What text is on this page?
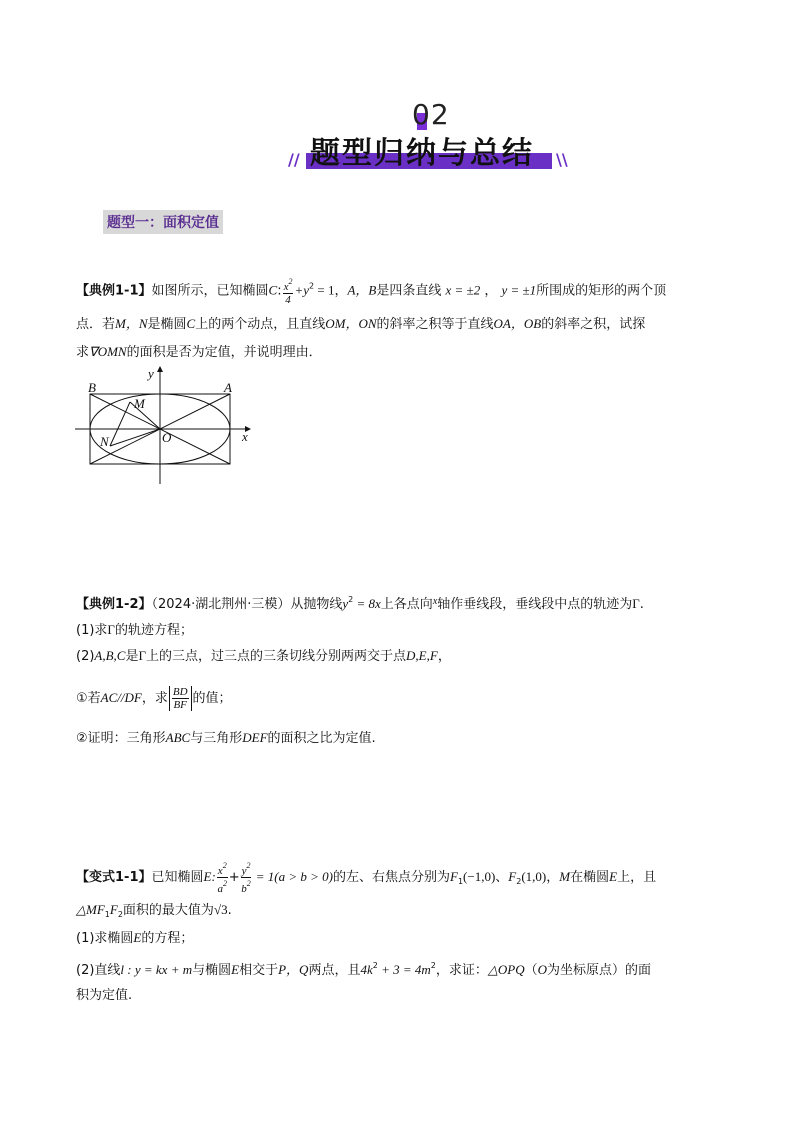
02
题型归纳与总结
//	\\
题型一：面积定值
【典例1-1】如图所示，已知椭圆C: $\frac{x^2}{4} +y^2 = 1$，A，B是四条直线 x = ±2 ， y = ±1所围成的矩形的两个顶
点．若M，N是椭圆C上的两个动点，且直线OM，ON的斜率之积等于直线OA，OB的斜率之积，试探
求∇OMN的面积是否为定值，并说明理由．
B	A
M
N	O	x
y
【典例1-2】（2024·湖北荆州·三模）从抛物线$y^2 = 8x$上各点向$^x$轴作垂线段，垂线段中点的轨迹为Γ.
(1)求Γ的轨迹方程；
(2)A,B,C是Γ上的三点，过三点的三条切线分别两两交于点D,E,F，
①若AC//DF，求 $\frac{BD}{BF}$ 的值；
②证明：三角形ABC与三角形DEF的面积之比为定值.
【变式1-1】已知椭圆E: $\frac{x^2}{a^2} + \frac{y^2}{b^2} = 1(a > b > 0)$的左、右焦点分别为$F_1(-1,0)$、$F_2(1,0)$，M在椭圆E上，且
$\triangle MF_1F_2$面积的最大值为√3.
(1)求椭圆E的方程；
(2)直线l : y = kx + m与椭圆E相交于P，Q两点，且$4k^2 + 3 = 4m^2$，求证：△OPQ（O为坐标原点）的面
积为定值.
